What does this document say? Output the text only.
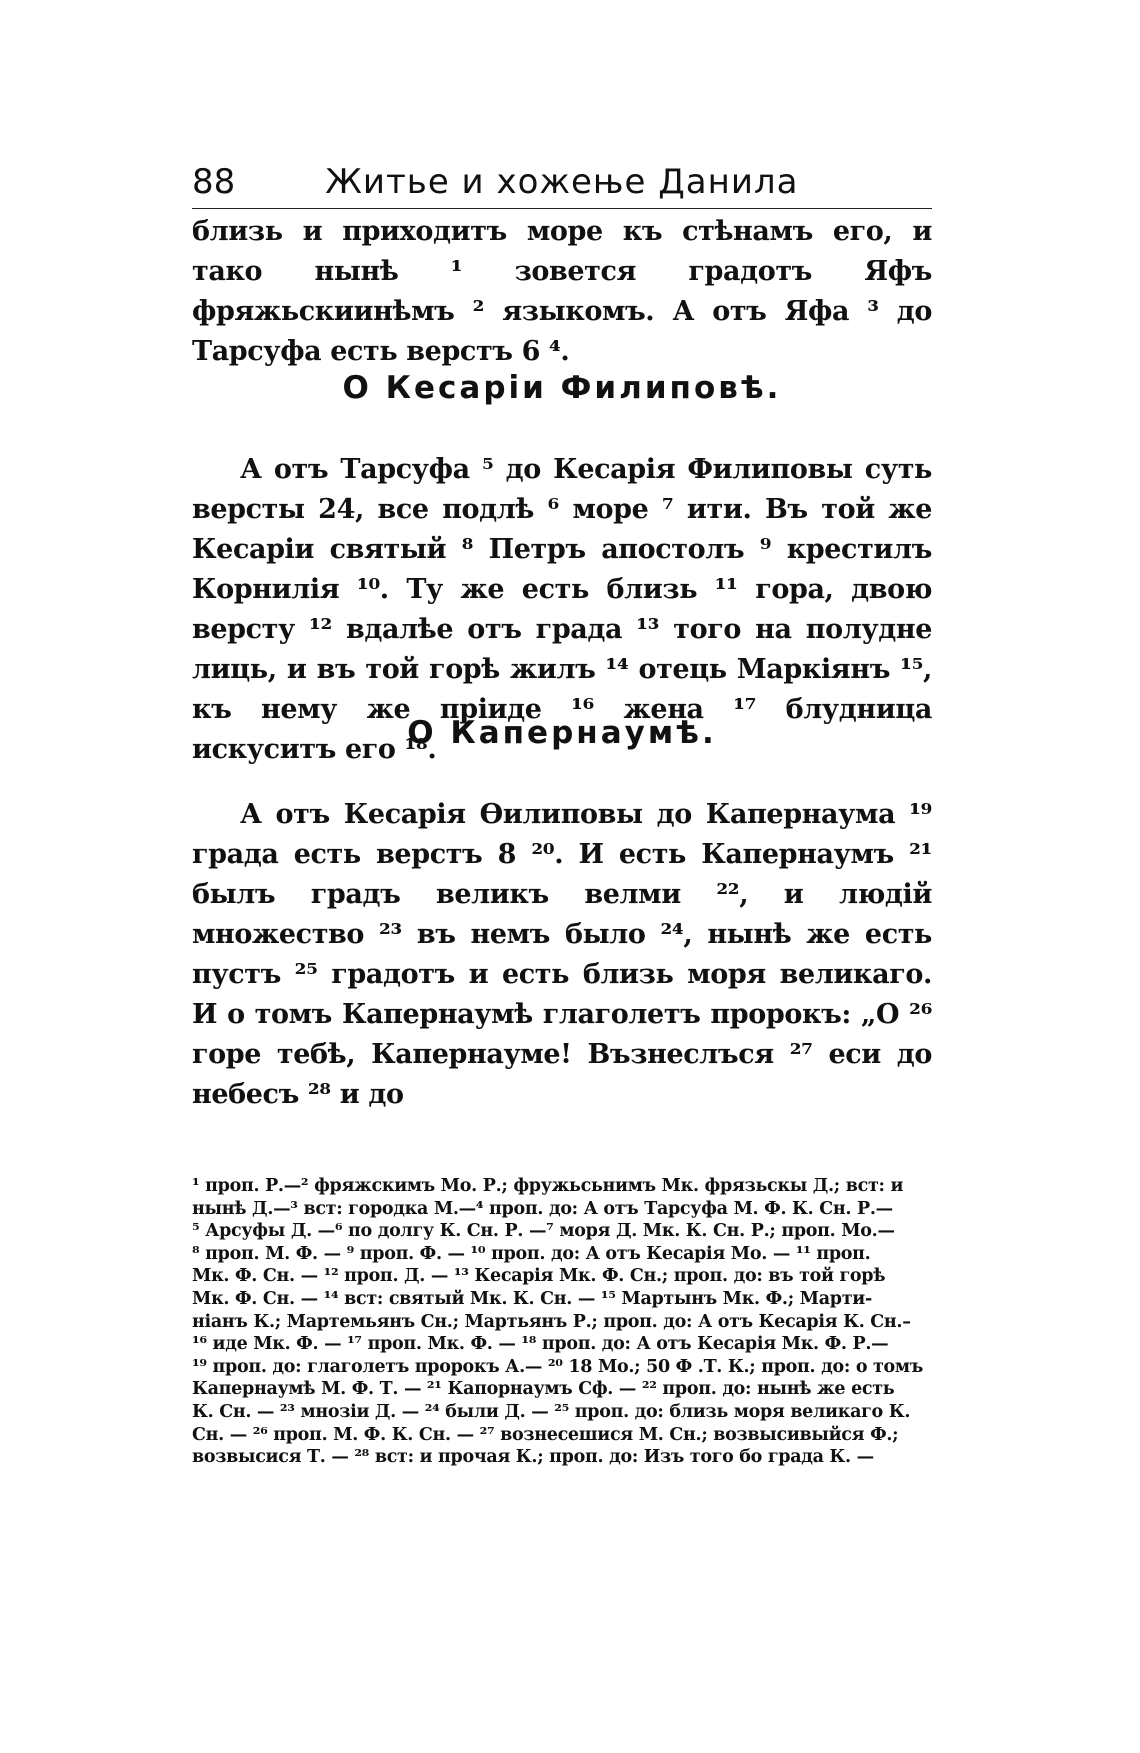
88	Житье и хожење Данила

близь и приходитъ море къ стѣнамъ его, и тако нынѣ ¹ зовется градотъ Яфъ фряжьскиинѣмъ ² языкомъ. А отъ Яфа ³ до Тарсуфа есть верстъ 6 ⁴.

О Кесаріи Филиповѣ.

А отъ Тарсуфа ⁵ до Кесарія Филиповы суть версты 24, все подлѣ ⁶ море ⁷ ити. Въ той же Кесаріи святый ⁸ Петръ апостолъ ⁹ крестилъ Корнилія ¹⁰. Ту же есть близь ¹¹ гора, двою версту ¹² вдалѣе отъ града ¹³ того на полудне лиць, и въ той горѣ жилъ ¹⁴ отець Маркіянъ ¹⁵, къ нему же пріиде ¹⁶ жена ¹⁷ блудница искуситъ его ¹⁸.

О Капернаумѣ.

А отъ Кесарія Ѳилиповы до Капернаума ¹⁹ града есть верстъ 8 ²⁰. И есть Капернаумъ ²¹ былъ градъ великъ велми ²², и людій множество ²³ въ немъ было ²⁴, нынѣ же есть пустъ ²⁵ градотъ и есть близь моря великаго. И о томъ Капернаумѣ глаголетъ пророкъ: „О ²⁶ горе тебѣ, Капернауме! Възнеслъся ²⁷ еси до небесъ ²⁸ и до

¹ проп. Р.—² фряжскимъ Мо. Р.; фружьсьнимъ Мк. фрязьскы Д.; вст: и
нынѣ Д.—³ вст: городка М.—⁴ проп. до: А отъ Тарсуфа М. Ф. К. Сн. Р.—
⁵ Арсуфы Д. —⁶ по долгу К. Сн. Р. —⁷ моря Д. Мк. К. Сн. Р.; проп. Мо.—
⁸ проп. М. Ф. — ⁹ проп. Ф. — ¹⁰ проп. до: А отъ Кесарія Мо. — ¹¹ проп.
Мк. Ф. Сн. — ¹² проп. Д. — ¹³ Кесарія Мк. Ф. Сн.; проп. до: въ той горѣ
Мк. Ф. Сн. — ¹⁴ вст: святый Мк. К. Сн. — ¹⁵ Мартынъ Мк. Ф.; Марти-
ніанъ К.; Мартемьянъ Сн.; Мартьянъ Р.; проп. до: А отъ Кесарія К. Сн.–
¹⁶ иде Мк. Ф. — ¹⁷ проп. Мк. Ф. — ¹⁸ проп. до: А отъ Кесарія Мк. Ф. Р.—
¹⁹ проп. до: глаголетъ пророкъ А.— ²⁰ 18 Мо.; 50 Ф .Т. К.; проп. до: о томъ
Капернаумѣ М. Ф. Т. — ²¹ Капорнаумъ Сф. — ²² проп. до: нынѣ же есть
К. Сн. — ²³ мнозіи Д. — ²⁴ были Д. — ²⁵ проп. до: близь моря великаго К.
Сн. — ²⁶ проп. М. Ф. К. Сн. — ²⁷ вознесешися М. Сн.; возвысивыйся Ф.;
возвысися Т. — ²⁸ вст: и прочая К.; проп. до: Изъ того бо града К. —
